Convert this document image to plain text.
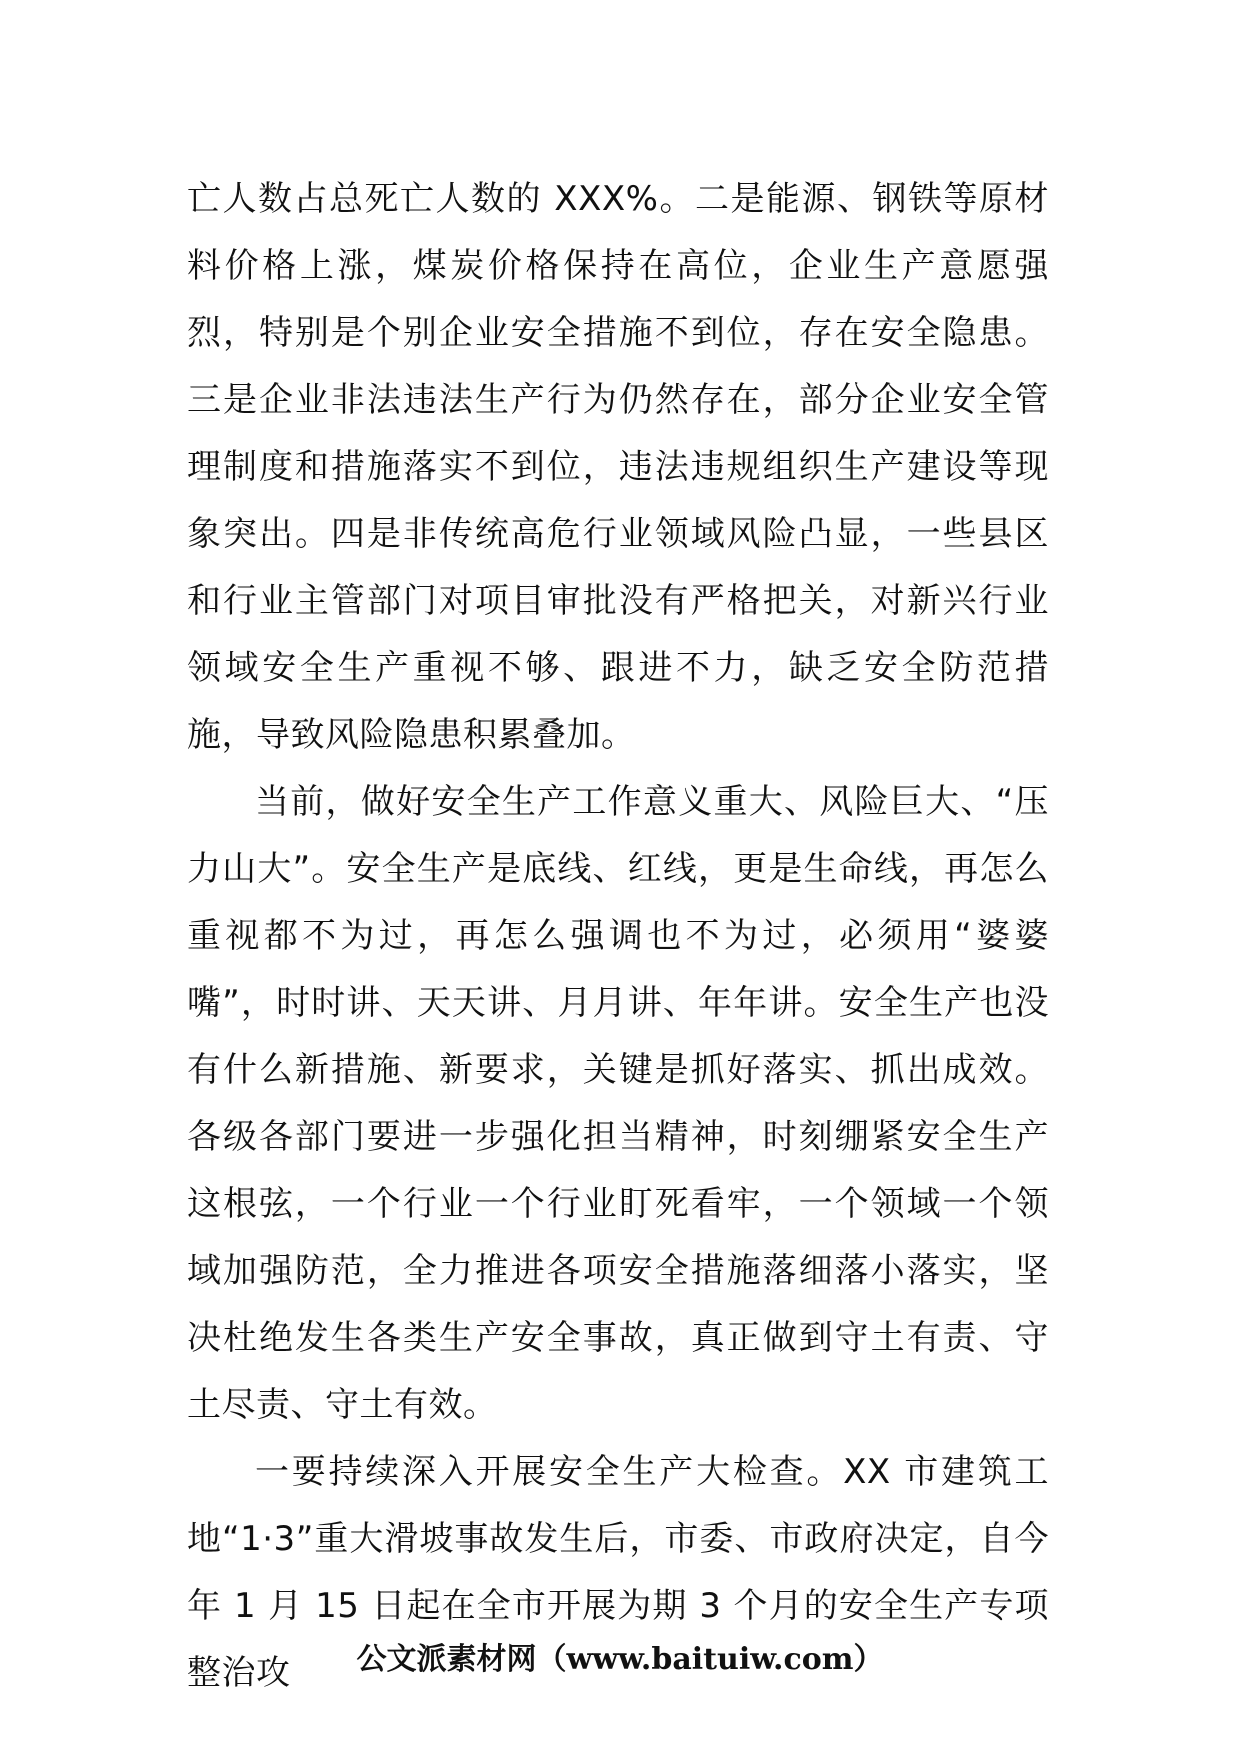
亡人数占总死亡人数的 XXX%。二是能源、钢铁等原材料价格上涨，煤炭价格保持在高位，企业生产意愿强烈，特别是个别企业安全措施不到位，存在安全隐患。三是企业非法违法生产行为仍然存在，部分企业安全管理制度和措施落实不到位，违法违规组织生产建设等现象突出。四是非传统高危行业领域风险凸显，一些县区和行业主管部门对项目审批没有严格把关，对新兴行业领域安全生产重视不够、跟进不力，缺乏安全防范措施，导致风险隐患积累叠加。

当前，做好安全生产工作意义重大、风险巨大、“压力山大”。安全生产是底线、红线，更是生命线，再怎么重视都不为过，再怎么强调也不为过，必须用“婆婆嘴”，时时讲、天天讲、月月讲、年年讲。安全生产也没有什么新措施、新要求，关键是抓好落实、抓出成效。各级各部门要进一步强化担当精神，时刻绷紧安全生产这根弦，一个行业一个行业盯死看牢，一个领域一个领域加强防范，全力推进各项安全措施落细落小落实，坚决杜绝发生各类生产安全事故，真正做到守土有责、守土尽责、守土有效。

一要持续深入开展安全生产大检查。XX 市建筑工地“1·3”重大滑坡事故发生后，市委、市政府决定，自今年 1 月 15 日起在全市开展为期 3 个月的安全生产专项整治攻	公文派素材网（www.baituiw.com）
